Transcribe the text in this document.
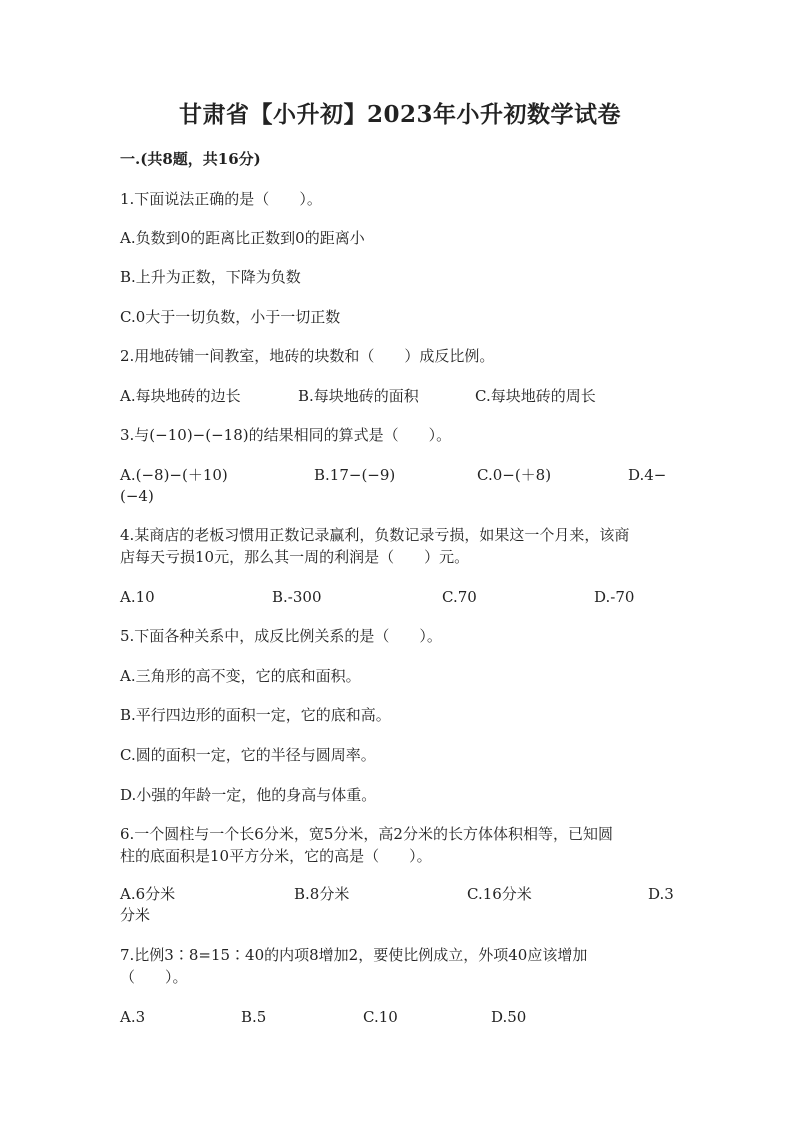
甘肃省【小升初】2023年小升初数学试卷
一.(共8题，共16分)
1.下面说法正确的是（　　）。
A.负数到0的距离比正数到0的距离小
B.上升为正数，下降为负数
C.0大于一切负数，小于一切正数
2.用地砖铺一间教室，地砖的块数和（　　）成反比例。
A.每块地砖的边长	B.每块地砖的面积	C.每块地砖的周长
3.与(−10)−(−18)的结果相同的算式是（　　）。
A.(−8)−(＋10)	B.17−(−9)	C.0−(＋8)	D.4−
(−4)
4.某商店的老板习惯用正数记录赢利，负数记录亏损，如果这一个月来，该商
店每天亏损10元，那么其一周的利润是（　　）元。
A.10	B.-300	C.70	D.-70
5.下面各种关系中，成反比例关系的是（　　）。
A.三角形的高不变，它的底和面积。
B.平行四边形的面积一定，它的底和高。
C.圆的面积一定，它的半径与圆周率。
D.小强的年龄一定，他的身高与体重。
6.一个圆柱与一个长6分米，宽5分米，高2分米的长方体体积相等，已知圆
柱的底面积是10平方分米，它的高是（　　）。
A.6分米	B.8分米	C.16分米	D.3
分米
7.比例3∶8=15∶40的内项8增加2，要使比例成立，外项40应该增加
（　　）。
A.3	B.5	C.10	D.50
